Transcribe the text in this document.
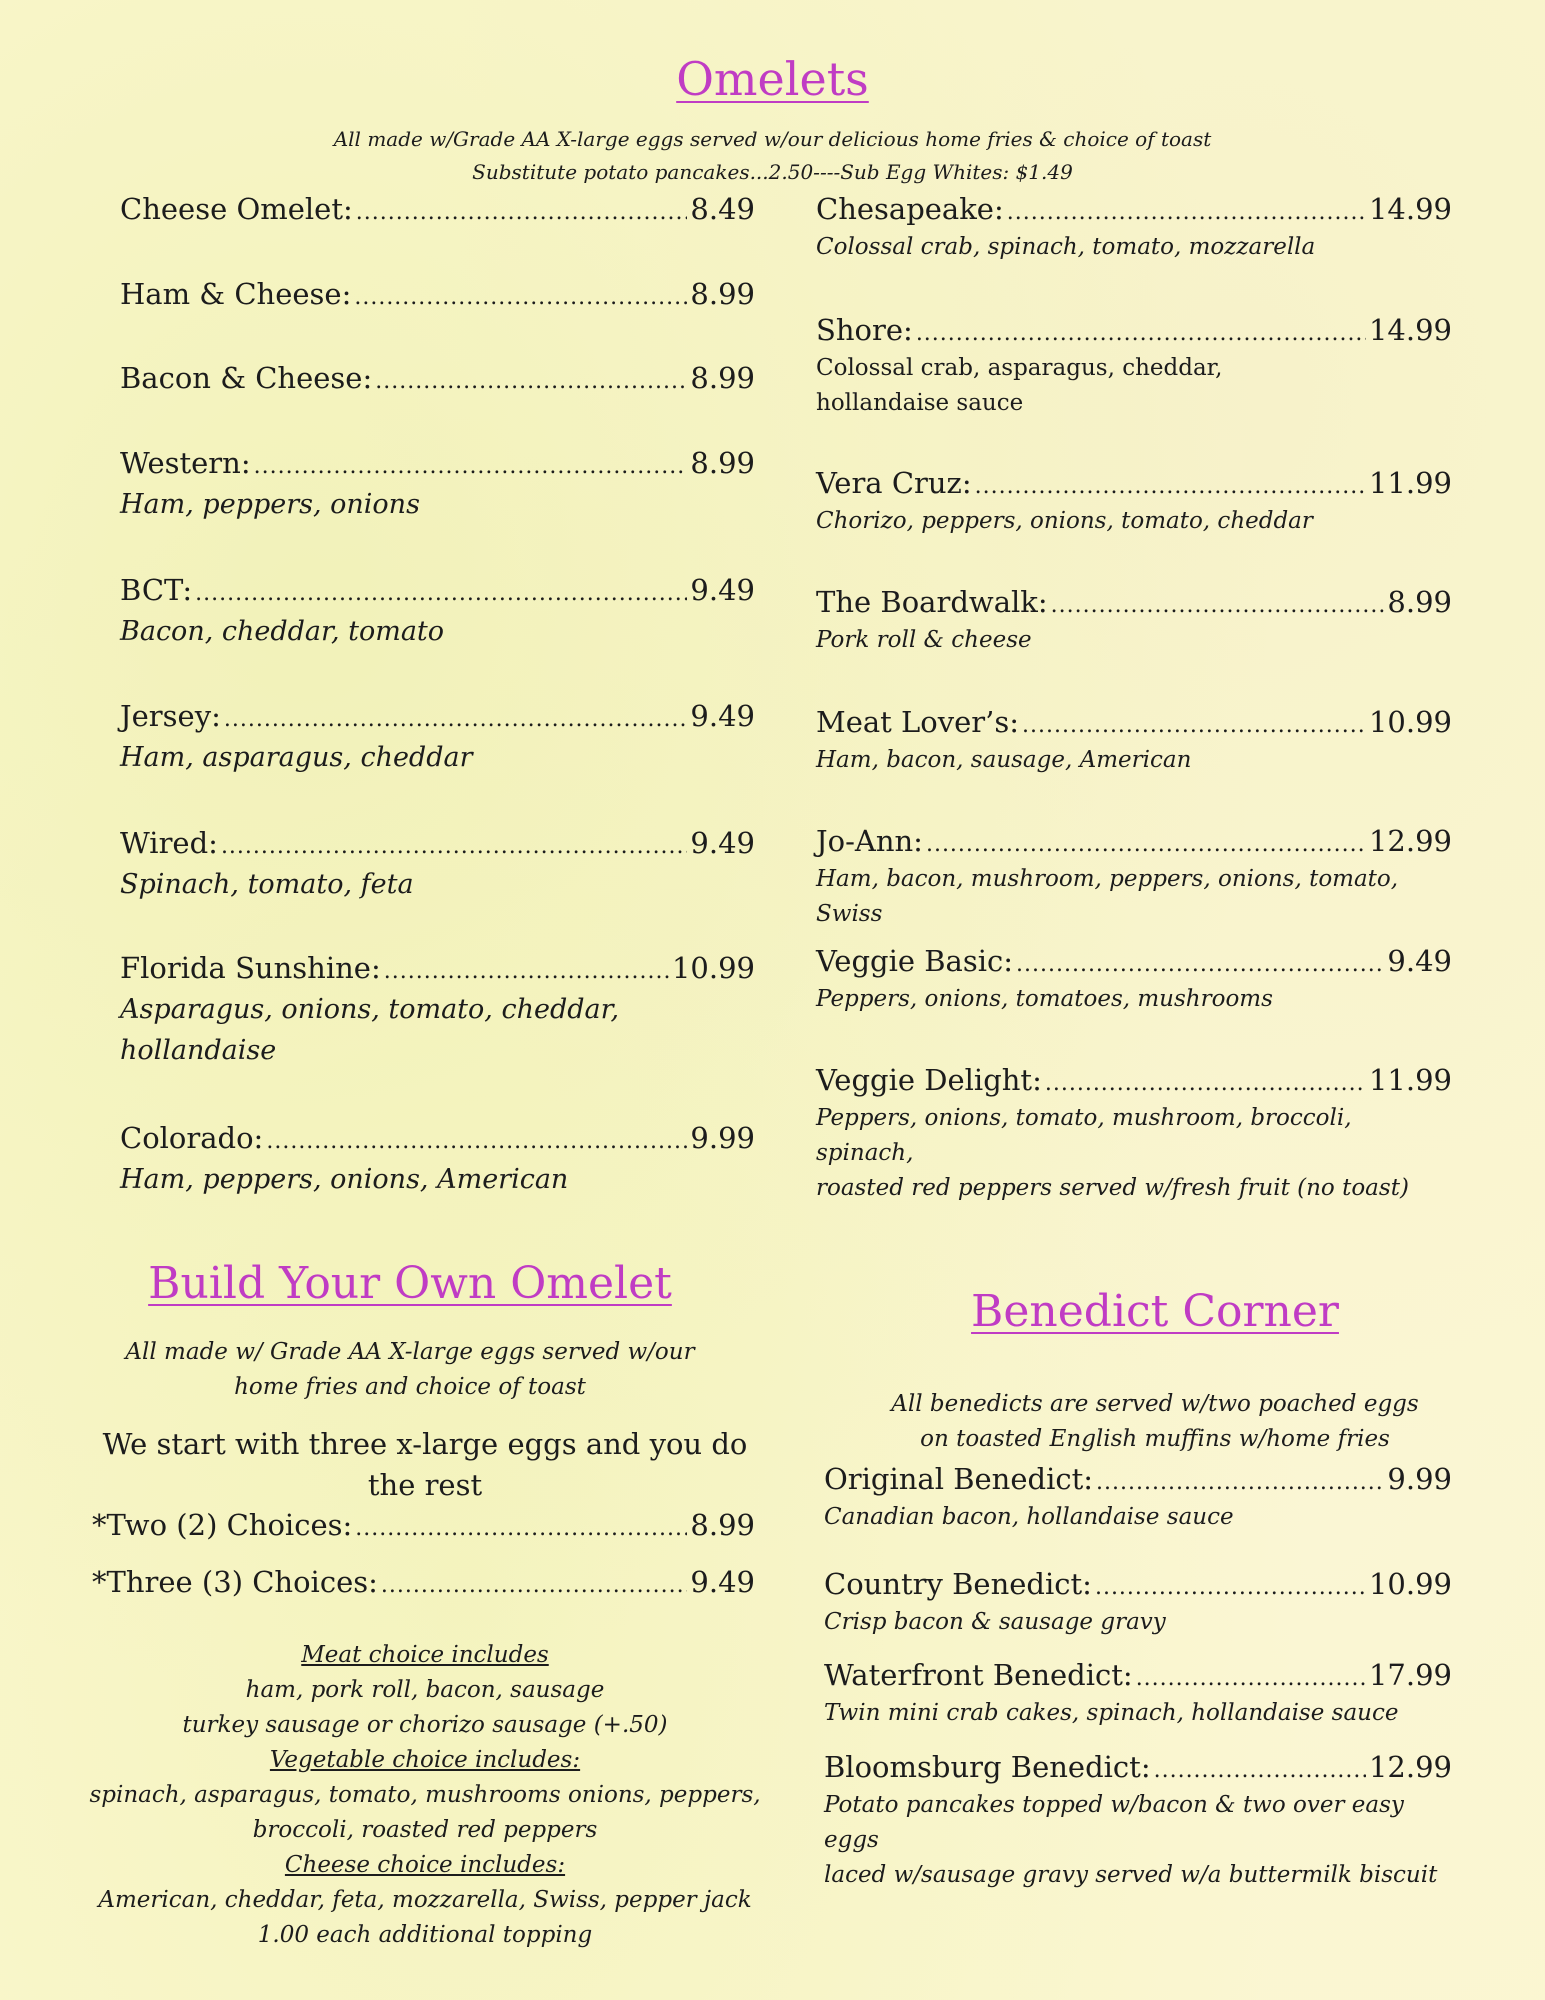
Omelets
All made w/Grade AA X-large eggs served w/our delicious home fries & choice of toast
Substitute potato pancakes...2.50----Sub Egg Whites: $1.49
Cheese Omelet: .....	8.49
Ham & Cheese: .....	8.99
Bacon & Cheese: .....	8.99
Western: .....	8.99
Ham, peppers, onions
BCT: .....	9.49
Bacon, cheddar, tomato
Jersey: .....	9.49
Ham, asparagus, cheddar
Wired: .....	9.49
Spinach, tomato, feta
Florida Sunshine: .....	10.99
Asparagus, onions, tomato, cheddar,
hollandaise
Colorado: .....	9.99
Ham, peppers, onions, American
Chesapeake: .....	14.99
Colossal crab, spinach, tomato, mozzarella
Shore: .....	14.99
Colossal crab, asparagus, cheddar,
hollandaise sauce
Vera Cruz: .....	11.99
Chorizo, peppers, onions, tomato, cheddar
The Boardwalk: .....	8.99
Pork roll & cheese
Meat Lover’s: .....	10.99
Ham, bacon, sausage, American
Jo-Ann: .....	12.99
Ham, bacon, mushroom, peppers, onions, tomato, Swiss
Veggie Basic: .....	9.49
Peppers, onions, tomatoes, mushrooms
Veggie Delight: .....	11.99
Peppers, onions, tomato, mushroom, broccoli, spinach,
roasted red peppers served w/fresh fruit (no toast)
Build Your Own Omelet
All made w/ Grade AA X-large eggs served w/our
home fries and choice of toast
We start with three x-large eggs and you do
the rest
*Two (2) Choices: .....	8.99
*Three (3) Choices: .....	9.49
Meat choice includes
ham, pork roll, bacon, sausage
turkey sausage or chorizo sausage (+.50)
Vegetable choice includes:
spinach, asparagus, tomato, mushrooms onions, peppers,
broccoli, roasted red peppers
Cheese choice includes:
American, cheddar, feta, mozzarella, Swiss, pepper jack
1.00 each additional topping
Benedict Corner
All benedicts are served w/two poached eggs
on toasted English muffins w/home fries
Original Benedict: .....	9.99
Canadian bacon, hollandaise sauce
Country Benedict: .....	10.99
Crisp bacon & sausage gravy
Waterfront Benedict: .....	17.99
Twin mini crab cakes, spinach, hollandaise sauce
Bloomsburg Benedict: .....	12.99
Potato pancakes topped w/bacon & two over easy eggs
laced w/sausage gravy served w/a buttermilk biscuit
